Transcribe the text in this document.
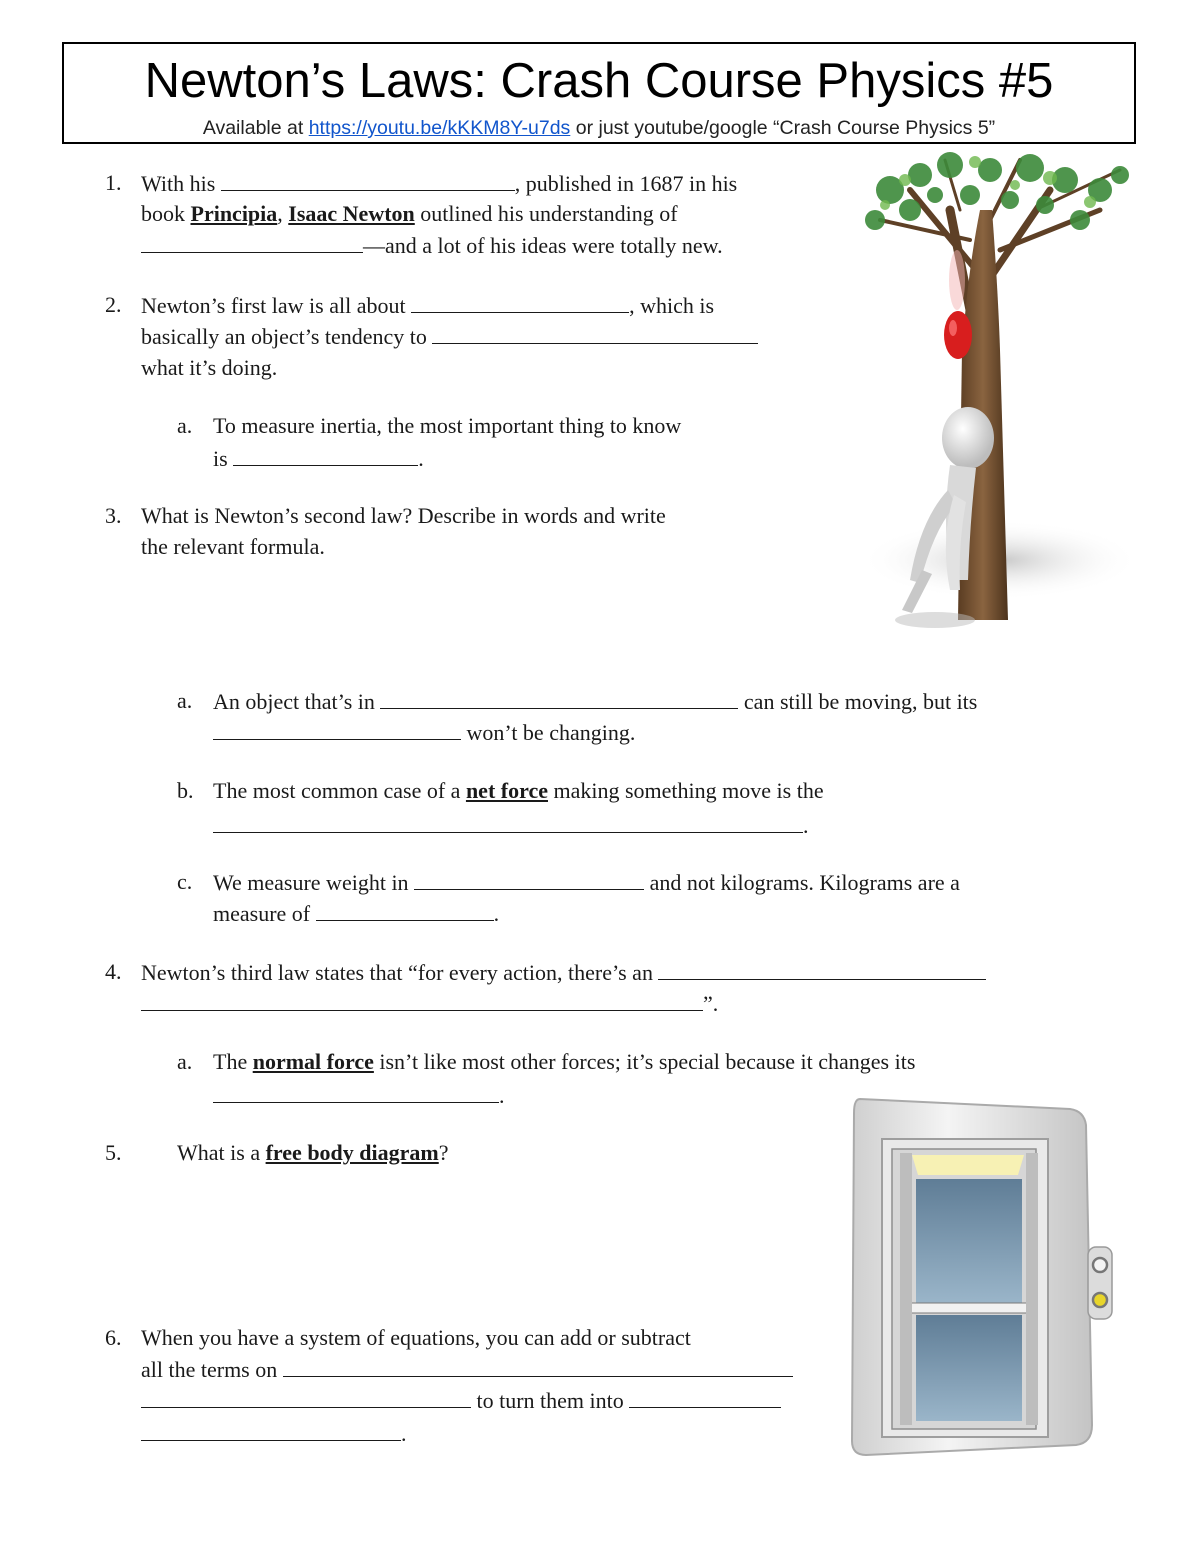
Newton’s Laws: Crash Course Physics #5
Available at https://youtu.be/kKKM8Y-u7ds or just youtube/google “Crash Course Physics 5”
1. With his	, published in 1687 in his
book Principia, Isaac Newton outlined his understanding of
—and a lot of his ideas were totally new.
2. Newton’s first law is all about	, which is
basically an object’s tendency to
what it’s doing.
a. To measure inertia, the most important thing to know
is	.
3. What is Newton’s second law? Describe in words and write
the relevant formula.
a. An object that’s in	can still be moving, but its
won’t be changing.
b. The most common case of a net force making something move is the
.
c. We measure weight in	and not kilograms. Kilograms are a
measure of	.
4. Newton’s third law states that “for every action, there’s an
”.
a. The normal force isn’t like most other forces; it’s special because it changes its
.
5.	What is a free body diagram?
6. When you have a system of equations, you can add or subtract
all the terms on
to turn them into
.
